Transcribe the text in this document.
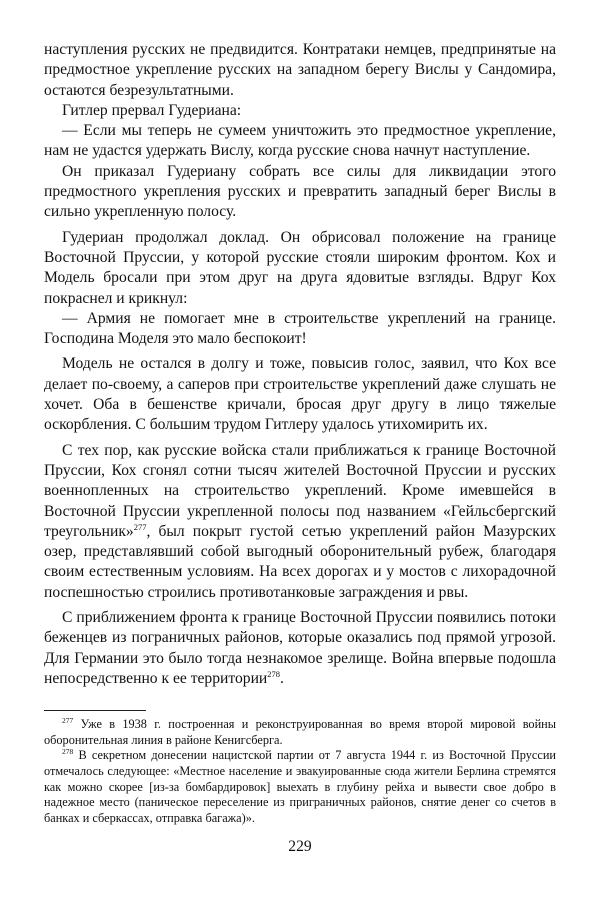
наступления русских не предвидится. Контратаки немцев, предпринятые на предмостное укрепление русских на западном берегу Вислы у Сандомира, остаются безрезультатными.

Гитлер прервал Гудериана:

— Если мы теперь не сумеем уничтожить это предмостное укрепление, нам не удастся удержать Вислу, когда русские снова начнут наступление.

Он приказал Гудериану собрать все силы для ликвидации этого предмостного укрепления русских и превратить западный берег Вислы в сильно укрепленную полосу.

Гудериан продолжал доклад. Он обрисовал положение на границе Восточной Пруссии, у которой русские стояли широким фронтом. Кох и Модель бросали при этом друг на друга ядовитые взгляды. Вдруг Кох покраснел и крикнул:

— Армия не помогает мне в строительстве укреплений на границе. Господина Моделя это мало беспокоит!

Модель не остался в долгу и тоже, повысив голос, заявил, что Кох все делает по-своему, а саперов при строительстве укреплений даже слушать не хочет. Оба в бешенстве кричали, бросая друг другу в лицо тяжелые оскорбления. С большим трудом Гитлеру удалось утихомирить их.

С тех пор, как русские войска стали приближаться к границе Восточной Пруссии, Кох сгонял сотни тысяч жителей Восточной Пруссии и русских военнопленных на строительство укреплений. Кроме имевшейся в Восточной Пруссии укрепленной полосы под названием «Гейльсбергский треугольник»$^{277}$, был покрыт густой сетью укреплений район Мазурских озер, представлявший собой выгодный оборонительный рубеж, благодаря своим естественным условиям. На всех дорогах и у мостов с лихорадочной поспешностью строились противотанковые заграждения и рвы.

С приближением фронта к границе Восточной Пруссии появились потоки беженцев из пограничных районов, которые оказались под прямой угрозой. Для Германии это было тогда незнакомое зрелище. Война впервые подошла непосредственно к ее территории$^{278}$.

$^{277}$ Уже в 1938 г. построенная и реконструированная во время второй мировой войны оборонительная линия в районе Кенигсберга.

$^{278}$ В секретном донесении нацистской партии от 7 августа 1944 г. из Восточной Пруссии отмечалось следующее: «Местное население и эвакуированные сюда жители Берлина стремятся как можно скорее [из-за бомбардировок] выехать в глубину рейха и вывести свое добро в надежное место (паническое переселение из приграничных районов, снятие денег со счетов в банках и сберкассах, отправка багажа)».

229
